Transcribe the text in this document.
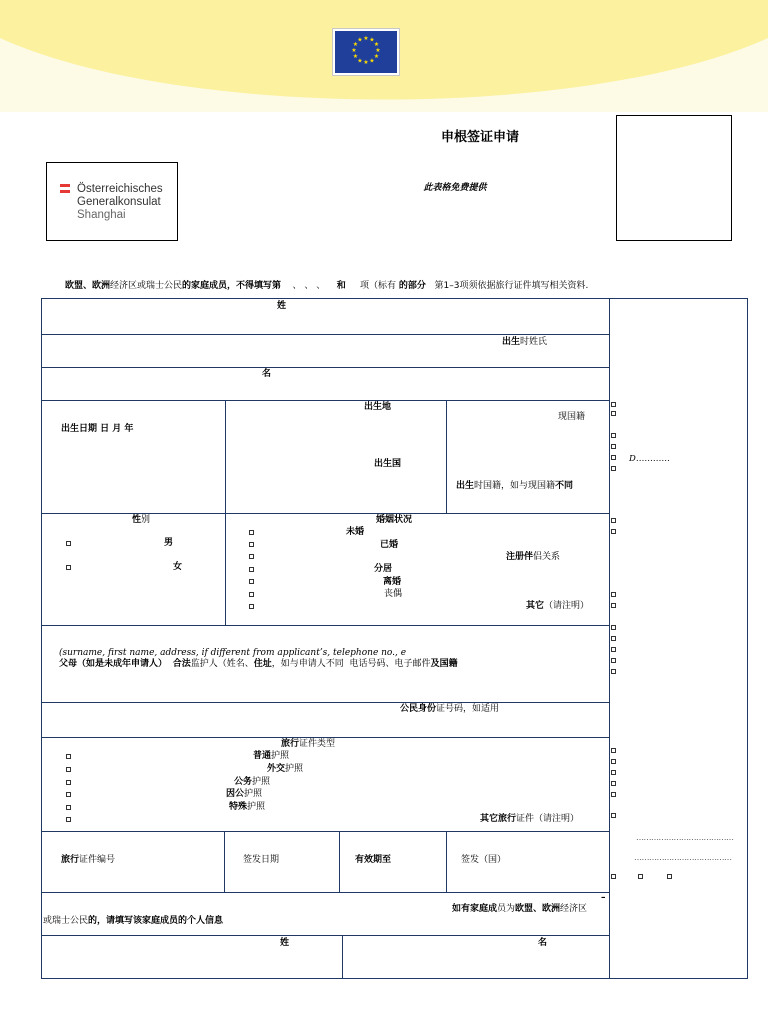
★ ★
★
★
★
★
★
★
★
★
★
★
申根签证申请
此表格免费提供
Österreichisches
Generalkonsulat
Shanghai
欧盟、欧洲经济区或瑞士公民的家庭成员，不得填写第 、 、 、 和 项（标有 的部分 第1–3项须依据旅行证件填写相关资料.
姓
出生时姓氏
名
出生地
出生日期 日 月 年
现国籍
出生国
出生时国籍，如与现国籍不同
性别
男
女
婚姻状况
未婚
已婚
注册伴侣关系
分居
离婚
丧偶
其它（请注明）
(surname, first name, address, if different from applicant’s, telephone no., e
父母（如是未成年申请人） 合法监护人（姓名、住址，如与申请人不同 电话号码、电子邮件及国籍
公民身份证号码，如适用
旅行证件类型
普通护照
外交护照
公务护照
因公护照
特殊护照
其它旅行证件（请注明）
旅行证件编号	签发日期	有效期至	签发（国）
–
如有家庭成员为欧盟、欧洲经济区
或瑞士公民的，请填写该家庭成员的个人信息
姓	名
D…………
…………………………………
…………………………………
